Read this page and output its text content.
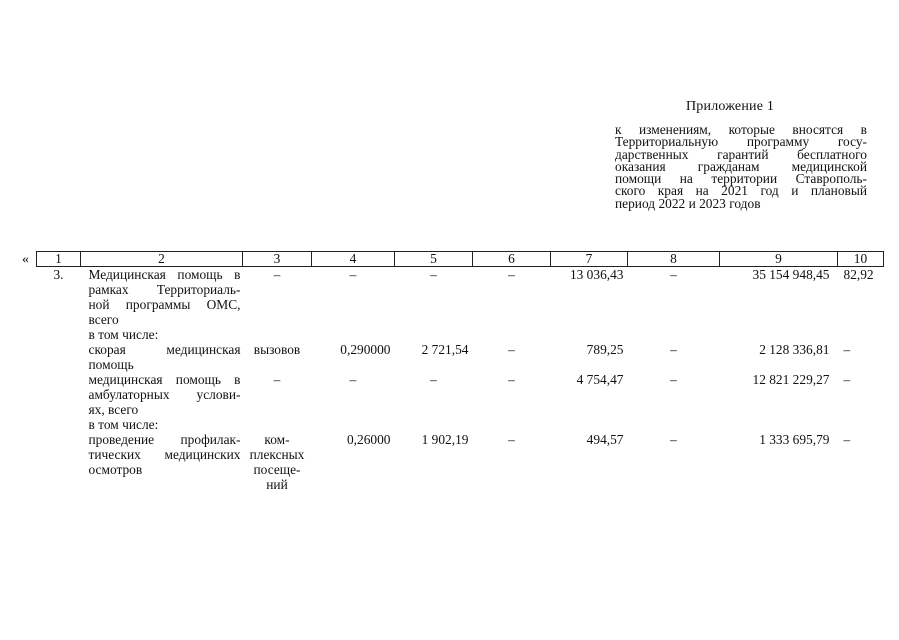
Приложение 1
к изменениям, которые вносятся в
Территориальную программу госу-
дарственных гарантий бесплатного
оказания гражданам медицинской
помощи на территории Ставрополь-
ского края на 2021 год и плановый
период 2022 и 2023 годов
« 1	2	3	4	5	6	7	8	9	10
3.	Медицинская помощь в
рамках Территориаль-
ной программы ОМС,
всего	–	–	–	–	13 036,43	–	35 154 948,45	82,92

	в том числе:								

	скорая медицинская
помощь	вызовов	0,290000	2 721,54	–	789,25	–	2 128 336,81	–

	медицинская помощь в
амбулаторных услови-
ях, всего	–	–	–	–	4 754,47	–	12 821 229,27	–

	в том числе:								

	проведение профилак-
тических медицинских
осмотров	ком- плексных посеще- ний	0,26000	1 902,19	–	494,57	–	1 333 695,79	–
